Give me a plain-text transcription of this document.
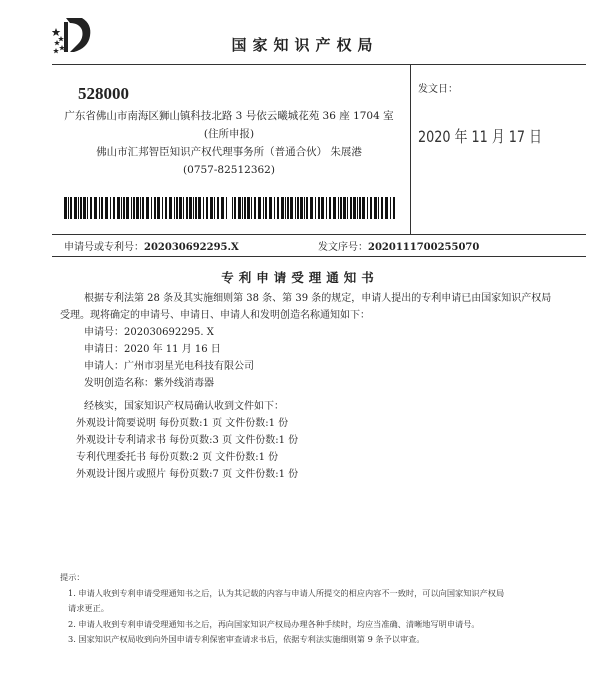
国家知识产权局
528000
广东省佛山市南海区狮山镇科技北路 3 号依云曦城花苑 36 座 1704 室
(住所申报)
佛山市汇邦智臣知识产权代理事务所（普通合伙） 朱展港
(0757-82512362)
发文日：
2020 年 11 月 17 日
申请号或专利号：202030692295.X	发文序号：2020111700255070
专利申请受理通知书
根据专利法第 28 条及其实施细则第 38 条、第 39 条的规定，申请人提出的专利申请已由国家知识产权局
受理。现将确定的申请号、申请日、申请人和发明创造名称通知如下：
申请号：202030692295. X
申请日：2020 年 11 月 16 日
申请人：广州市羽星光电科技有限公司
发明创造名称：紫外线消毒器
经核实，国家知识产权局确认收到文件如下：
外观设计简要说明 每份页数:1 页 文件份数:1 份
外观设计专利请求书 每份页数:3 页 文件份数:1 份
专利代理委托书 每份页数:2 页 文件份数:1 份
外观设计图片或照片 每份页数:7 页 文件份数:1 份
提示：
1. 申请人收到专利申请受理通知书之后，认为其记载的内容与申请人所提交的相应内容不一致时，可以向国家知识产权局
请求更正。
2. 申请人收到专利申请受理通知书之后，再向国家知识产权局办理各种手续时，均应当准确、清晰地写明申请号。
3. 国家知识产权局收到向外国申请专利保密审查请求书后，依据专利法实施细则第 9 条予以审查。
